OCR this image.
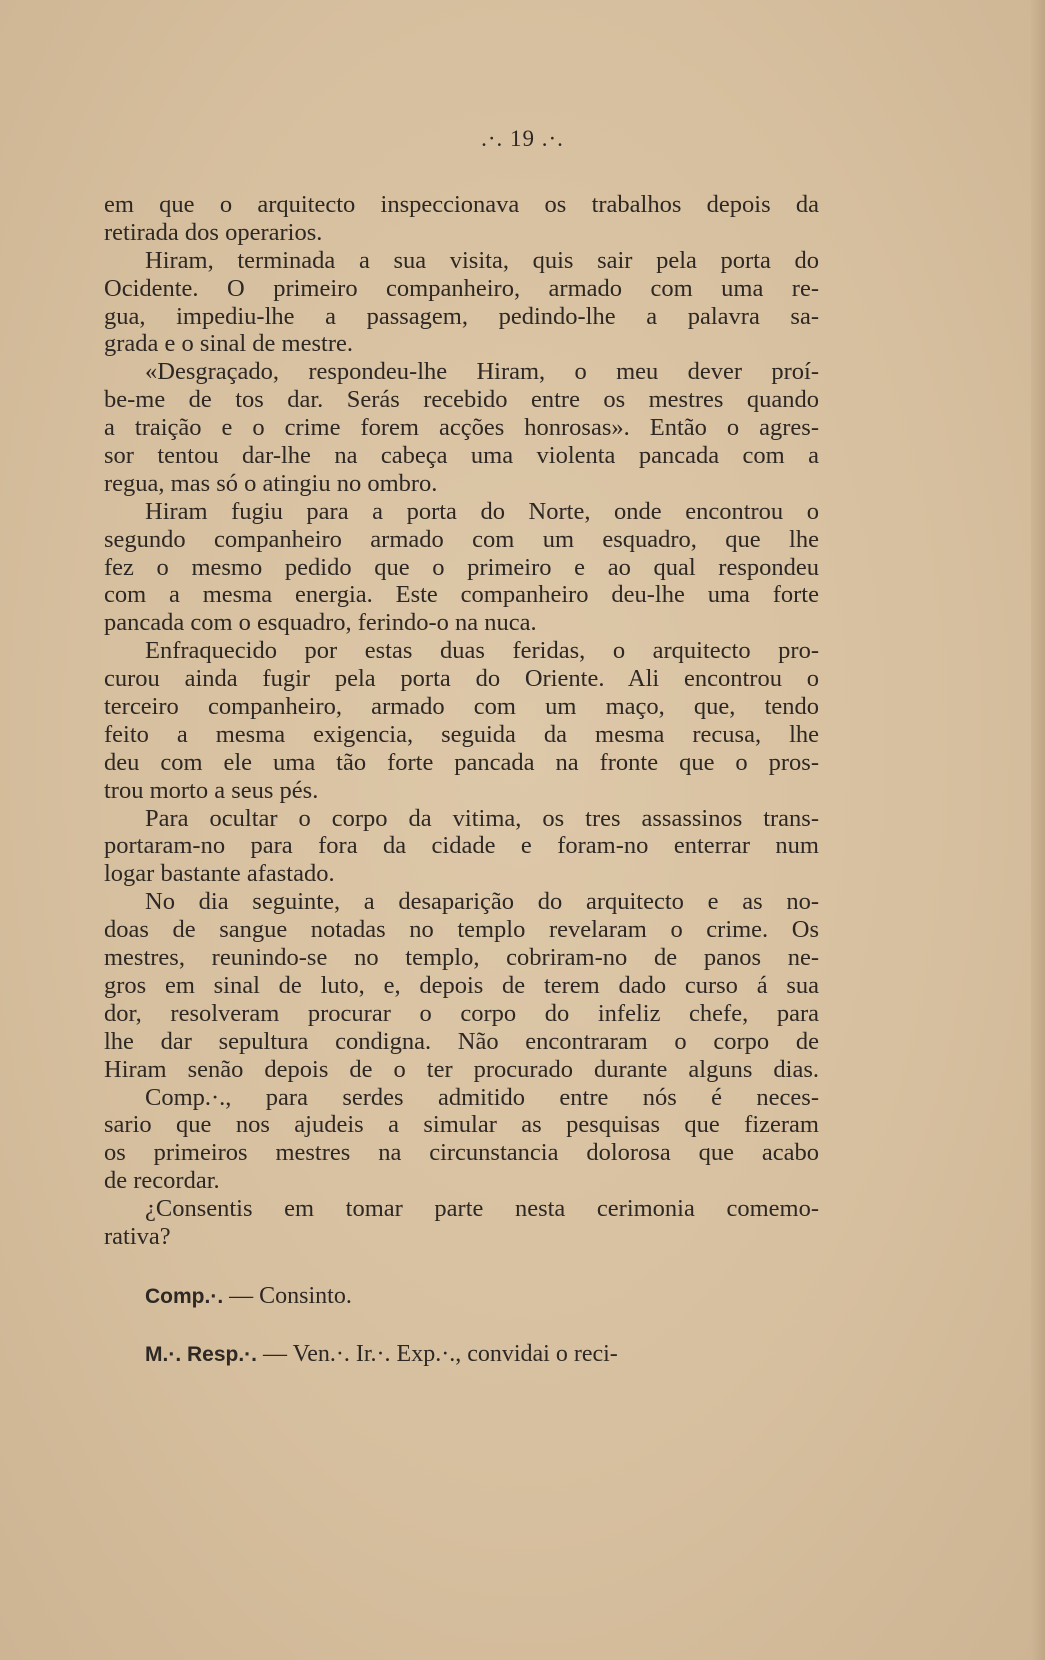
.·. 19 .·.
em que o arquitecto inspeccionava os trabalhos depois da
retirada dos operarios.
Hiram, terminada a sua visita, quis sair pela porta do
Ocidente. O primeiro companheiro, armado com uma re-
gua, impediu-lhe a passagem, pedindo-lhe a palavra sa-
grada e o sinal de mestre.
«Desgraçado, respondeu-lhe Hiram, o meu dever proí-
be-me de tos dar. Serás recebido entre os mestres quando
a traição e o crime forem acções honrosas». Então o agres-
sor tentou dar-lhe na cabeça uma violenta pancada com a
regua, mas só o atingiu no ombro.
Hiram fugiu para a porta do Norte, onde encontrou o
segundo companheiro armado com um esquadro, que lhe
fez o mesmo pedido que o primeiro e ao qual respondeu
com a mesma energia. Este companheiro deu-lhe uma forte
pancada com o esquadro, ferindo-o na nuca.
Enfraquecido por estas duas feridas, o arquitecto pro-
curou ainda fugir pela porta do Oriente. Ali encontrou o
terceiro companheiro, armado com um maço, que, tendo
feito a mesma exigencia, seguida da mesma recusa, lhe
deu com ele uma tão forte pancada na fronte que o pros-
trou morto a seus pés.
Para ocultar o corpo da vitima, os tres assassinos trans-
portaram-no para fora da cidade e foram-no enterrar num
logar bastante afastado.
No dia seguinte, a desaparição do arquitecto e as no-
doas de sangue notadas no templo revelaram o crime. Os
mestres, reunindo-se no templo, cobriram-no de panos ne-
gros em sinal de luto, e, depois de terem dado curso á sua
dor, resolveram procurar o corpo do infeliz chefe, para
lhe dar sepultura condigna. Não encontraram o corpo de
Hiram senão depois de o ter procurado durante alguns dias.
Comp.·., para serdes admitido entre nós é neces-
sario que nos ajudeis a simular as pesquisas que fizeram
os primeiros mestres na circunstancia dolorosa que acabo
de recordar.
¿Consentis em tomar parte nesta cerimonia comemo-
rativa?
Comp.·. — Consinto.
M.·. Resp.·. — Ven.·. Ir.·. Exp.·., convidai o reci-
